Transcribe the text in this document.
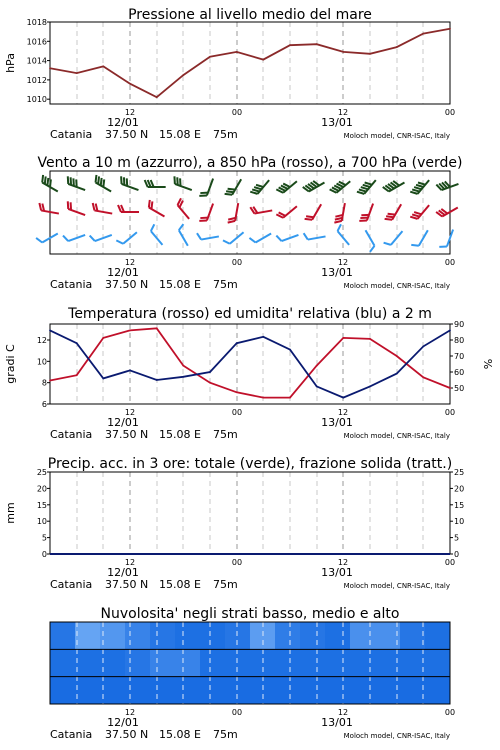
Pressione al livello medio del mare
Vento a 10 m (azzurro), a 850 hPa (rosso), a 700 hPa (verde)
Temperatura (rosso) ed umidita' relativa (blu) a 2 m
Precip. acc. in 3 ore: totale (verde), frazione solida (tratt.)
Nuvolosita' negli strati basso, medio e alto
hPa
gradi C	%
mm
1010
1012
1014
1016
1018
12	00	12	00
12/01	13/01
Catania 37.50 N 15.08 E 75m	Moloch model, CNR-ISAC, Italy
12	00	12	00
12/01	13/01
Catania 37.50 N 15.08 E 75m	Moloch model, CNR-ISAC, Italy
6
8
10
12
50
60
70
80
90
12	00	12	00
12/01	13/01
Catania 37.50 N 15.08 E 75m	Moloch model, CNR-ISAC, Italy
0
5
10
15
20
25
0
5
10
15
20
25
12	00	12	00
12/01	13/01
Catania 37.50 N 15.08 E 75m	Moloch model, CNR-ISAC, Italy
12	00	12	00
12/01	13/01
Catania 37.50 N 15.08 E 75m	Moloch model, CNR-ISAC, Italy
